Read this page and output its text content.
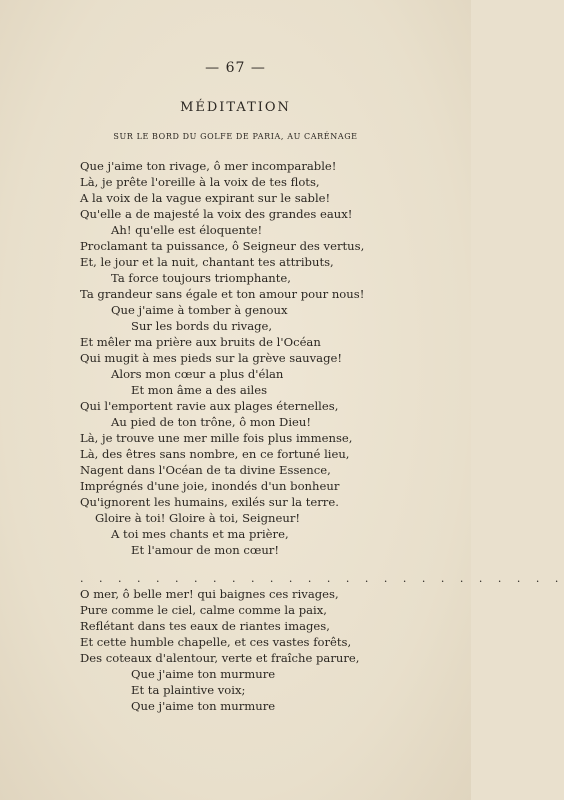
— 67 —
MÉDITATION
SUR LE BORD DU GOLFE DE PARIA, AU CARÉNAGE
Que j'aime ton rivage, ô mer incomparable!
Là, je prête l'oreille à la voix de tes flots,
A la voix de la vague expirant sur le sable!
Qu'elle a de majesté la voix des grandes eaux!
Ah! qu'elle est éloquente!
Proclamant ta puissance, ô Seigneur des vertus,
Et, le jour et la nuit, chantant tes attributs,
Ta force toujours triomphante,
Ta grandeur sans égale et ton amour pour nous!
Que j'aime à tomber à genoux
Sur les bords du rivage,
Et mêler ma prière aux bruits de l'Océan
Qui mugit à mes pieds sur la grève sauvage!
Alors mon cœur a plus d'élan
Et mon âme a des ailes
Qui l'emportent ravie aux plages éternelles,
Au pied de ton trône, ô mon Dieu!
Là, je trouve une mer mille fois plus immense,
Là, des êtres sans nombre, en ce fortuné lieu,
Nagent dans l'Océan de ta divine Essence,
Imprégnés d'une joie, inondés d'un bonheur
Qu'ignorent les humains, exilés sur la terre.
Gloire à toi! Gloire à toi, Seigneur!
A toi mes chants et ma prière,
Et l'amour de mon cœur!
. . . . . . . . . . . . . . . . . . . . . . . . . .
O mer, ô belle mer! qui baignes ces rivages,
Pure comme le ciel, calme comme la paix,
Reflétant dans tes eaux de riantes images,
Et cette humble chapelle, et ces vastes forêts,
Des coteaux d'alentour, verte et fraîche parure,
Que j'aime ton murmure
Et ta plaintive voix;
Que j'aime ton murmure
